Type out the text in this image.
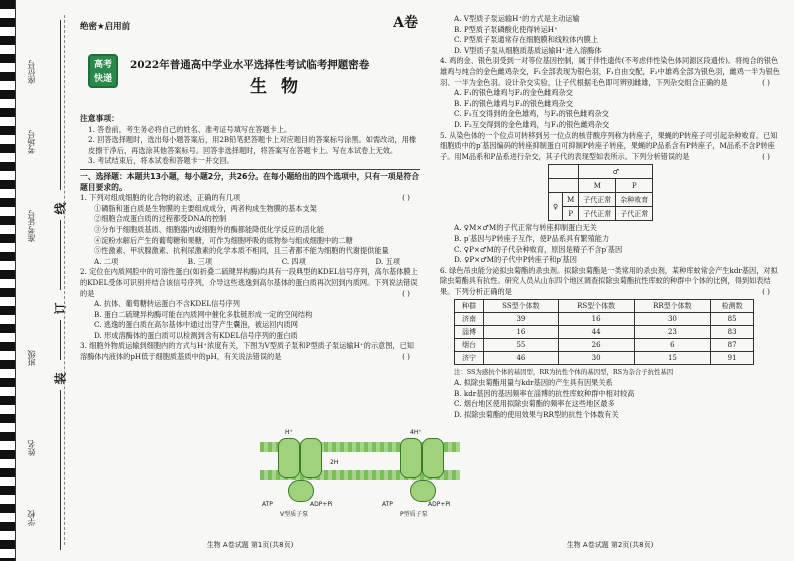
座位号
考场号
准考证号
班级
姓名
学校
线
订
装
绝密★启用前	A卷
高考快递
2022年普通高中学业水平选择性考试临考押题密卷
生物

注意事项：

1. 答卷前，考生务必将自己的姓名、准考证号填写在答题卡上。

2. 回答选择题时，选出每小题答案后，用2B铅笔把答题卡上对应题目的答案标号涂黑。如需改动，用橡皮擦干净后，再选涂其他答案标号。回答非选择题时，将答案写在答题卡上。写在本试卷上无效。

3. 考试结束后，将本试卷和答题卡一并交回。

一、选择题：本题共13小题，每小题2分，共26分。在每小题给出的四个选项中，只有一项是符合题目要求的。

1. 下列对组成细胞的化合物的叙述，正确的有几项	( )

①磷脂和蛋白质是生物膜的主要组成成分，两者构成生物膜的基本支架

②细胞合成蛋白质的过程都受DNA的控制

③分布于细胞质基质、细胞器内或细胞外的酶都能降低化学反应的活化能

④淀粉水解后产生的葡萄糖和果糖，可作为细胞呼吸的底物参与组成细胞中的二糖

⑤性激素、甲状腺激素、抗利尿激素的化学本质不相同，且三者都不能为细胞的代谢提供能量

A. 二项	B. 三项	C. 四项	D. 五项

2. 定位在内质网腔中的可溶性蛋白(如折叠二硫键异构酶)均具有一段典型的KDEL信号序列，高尔基体膜上的KDEL受体可识别并结合该信号序列，介导这些逃逸到高尔基体的蛋白质再次回到内质网。下列说法错误的是	( )

A. 抗体、葡萄糖转运蛋白不含KDEL信号序列

B. 蛋白二硫键异构酶可能在内质网中催化多肽链形成一定的空间结构

C. 逃逸的蛋白质在高尔基体中通过出芽产生囊泡，被运回内质网

D. 形成溶酶体的蛋白质可以检测到含有KDEL信号序列的蛋白质

3. 细胞外物质运输到细胞内的方式与H⁺浓度有关，下图为V型质子泵和P型质子泵运输H⁺的示意图，已知溶酶体内液体的pH低于细胞质基质中的pH，有关说法错误的是	( )

H⁺	4H⁺
2H
ATP	ADP+Pi	ATP	ADP+Pi
V型质子泵	P型质子泵
生物 A卷试题 第1页(共8页)

A. V型质子泵运输H⁺的方式是主动运输

B. P型质子泵磷酸化使得转运H⁺

C. P型质子泵通常存在细胞膜和线粒体内膜上

D. V型质子泵从细胞质基质运输H⁺进入溶酶体

4. 鸡的金、银色羽受到一对等位基因控制，属于伴性遗传(不考虑伴性染色体同源区段遗传)。将纯合的银色雄鸡与纯合的金色雌鸡杂交，F₁全部表现为银色羽，F₁自由交配，F₂中雄鸡全部为银色羽，雌鸡一半为银色羽、一半为金色羽。设计杂交实验，让子代根据毛色即可辨别雌雄，下列杂交组合正确的是	( )

A. F₁的银色雄鸡与F₂的金色雌鸡杂交

B. F₁的银色雄鸡与F₂的银色雌鸡杂交

C. F₂互交得到的金色雄鸡，与F₂的银色雌鸡杂交

D. F₂互交得到的金色雄鸡，与F₁的银色雌鸡杂交

5. 从染色体的一个位点可转移到另一位点的核苷酸序列称为转座子，果蝇的P转座子可引起杂种败育。已知细胞质中的p′基因编码的转座抑制蛋白可抑制P转座子转座，果蝇的P品系含有P转座子，M品系不含P转座子。用M品系和P品系进行杂交，其子代的表现型如表所示。下列分析错误的是	( )

		♂	
		M	P
♀	M	子代正常	杂种败育
	P	子代正常	子代正常

A. ♀M×♂M的子代正常与转座抑制蛋白无关

B. p′基因与P转座子互作，使P品系具有繁殖能力

C. ♀P×♂M的子代杂种败育，原因是精子不含p′基因

D. ♀P×♂M的子代中P转座子和p′基因

6. 绿色吊虫能分泌拟虫菊酯的杀虫剂。拟除虫菊酯是一类常用的杀虫剂，某种库蚊常会产生kdr基因，对拟除虫菊酯具有抗性。研究人员从山东四个地区调查拟除虫菊酯抗性库蚊的种群中个体的比例，得到如表结果。下列分析正确的是	( )

种群	SS型个体数	RS型个体数	RR型个体数	检测数
济南	39	16	30	85
淄博	16	44	23	83
烟台	55	26	6	87
济宁	46	30	15	91

注：SS为感抗个体的基因型，RR为抗性个体的基因型，RS为杂合子抗性基因

A. 拟除虫菊酯用量与kdr基因的产生具有因果关系

B. kdr基因的基因频率在淄博的抗性库蚊种群中相对较高

C. 烟台地区使用拟除虫菊酯的频率在这些地区最多

D. 拟除虫菊酯的使用效果与RR型的抗性个体数有关

生物 A卷试题 第2页(共8页)
